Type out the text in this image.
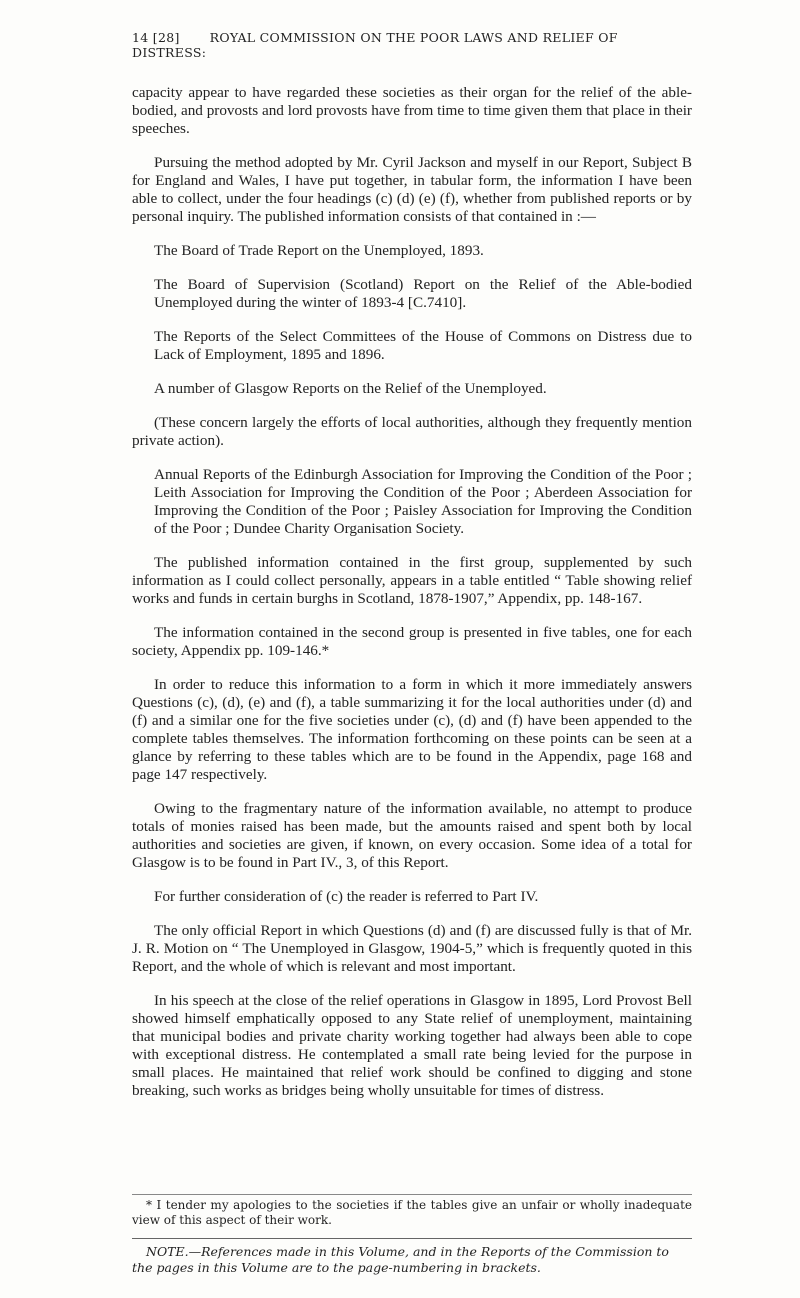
14 [28] ROYAL COMMISSION ON THE POOR LAWS AND RELIEF OF DISTRESS:

capacity appear to have regarded these societies as their organ for the relief of the able-bodied, and provosts and lord provosts have from time to time given them that place in their speeches.

Pursuing the method adopted by Mr. Cyril Jackson and myself in our Report, Subject B for England and Wales, I have put together, in tabular form, the information I have been able to collect, under the four headings (c) (d) (e) (f), whether from published reports or by personal inquiry. The published information consists of that contained in :—

The Board of Trade Report on the Unemployed, 1893.

The Board of Supervision (Scotland) Report on the Relief of the Able-bodied Unemployed during the winter of 1893-4 [C.7410].

The Reports of the Select Committees of the House of Commons on Distress due to Lack of Employment, 1895 and 1896.

A number of Glasgow Reports on the Relief of the Unemployed.

(These concern largely the efforts of local authorities, although they frequently mention private action).

Annual Reports of the Edinburgh Association for Improving the Condition of the Poor ; Leith Association for Improving the Condition of the Poor ; Aberdeen Association for Improving the Condition of the Poor ; Paisley Association for Improving the Condition of the Poor ; Dundee Charity Organisation Society.

The published information contained in the first group, supplemented by such information as I could collect personally, appears in a table entitled “ Table showing relief works and funds in certain burghs in Scotland, 1878-1907,” Appendix, pp. 148-167.

The information contained in the second group is presented in five tables, one for each society, Appendix pp. 109-146.*

In order to reduce this information to a form in which it more immediately answers Questions (c), (d), (e) and (f), a table summarizing it for the local authorities under (d) and (f) and a similar one for the five societies under (c), (d) and (f) have been appended to the complete tables themselves. The information forthcoming on these points can be seen at a glance by referring to these tables which are to be found in the Appendix, page 168 and page 147 respectively.

Owing to the fragmentary nature of the information available, no attempt to produce totals of monies raised has been made, but the amounts raised and spent both by local authorities and societies are given, if known, on every occasion. Some idea of a total for Glasgow is to be found in Part IV., 3, of this Report.

For further consideration of (c) the reader is referred to Part IV.

The only official Report in which Questions (d) and (f) are discussed fully is that of Mr. J. R. Motion on “ The Unemployed in Glasgow, 1904-5,” which is frequently quoted in this Report, and the whole of which is relevant and most important.

In his speech at the close of the relief operations in Glasgow in 1895, Lord Provost Bell showed himself emphatically opposed to any State relief of unemployment, maintaining that municipal bodies and private charity working together had always been able to cope with exceptional distress. He contemplated a small rate being levied for the purpose in small places. He maintained that relief work should be confined to digging and stone breaking, such works as bridges being wholly unsuitable for times of distress.

* I tender my apologies to the societies if the tables give an unfair or wholly inadequate view of this aspect of their work.
NOTE.—References made in this Volume, and in the Reports of the Commission to the pages in this Volume are to the page-numbering in brackets.
